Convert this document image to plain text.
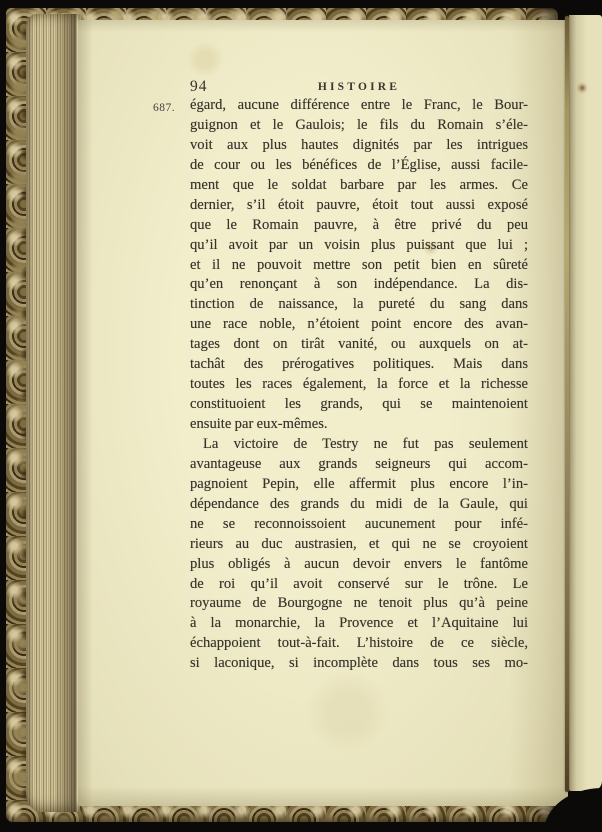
687.
94	HISTOIRE
égard, aucune différence entre le Franc, le Bour-
guignon et le Gaulois; le fils du Romain s’éle-
voit aux plus hautes dignités par les intrigues
de cour ou les bénéfices de l’Église, aussi facile-
ment que le soldat barbare par les armes. Ce
dernier, s’il étoit pauvre, étoit tout aussi exposé
que le Romain pauvre, à être privé du peu
qu’il avoit par un voisin plus puissant que lui ;
et il ne pouvoit mettre son petit bien en sûreté
qu’en renonçant à son indépendance. La dis-
tinction de naissance, la pureté du sang dans
une race noble, n’étoient point encore des avan-
tages dont on tirât vanité, ou auxquels on at-
tachât des prérogatives politiques. Mais dans
toutes les races également, la force et la richesse
constituoient les grands, qui se maintenoient
ensuite par eux-mêmes.
La victoire de Testry ne fut pas seulement
avantageuse aux grands seigneurs qui accom-
pagnoient Pepin, elle affermit plus encore l’in-
dépendance des grands du midi de la Gaule, qui
ne se reconnoissoient aucunement pour infé-
rieurs au duc austrasien, et qui ne se croyoient
plus obligés à aucun devoir envers le fantôme
de roi qu’il avoit conservé sur le trône. Le
royaume de Bourgogne ne tenoit plus qu’à peine
à la monarchie, la Provence et l’Aquitaine lui
échappoient tout-à-fait. L’histoire de ce siècle,
si laconique, si incomplète dans tous ses mo-
